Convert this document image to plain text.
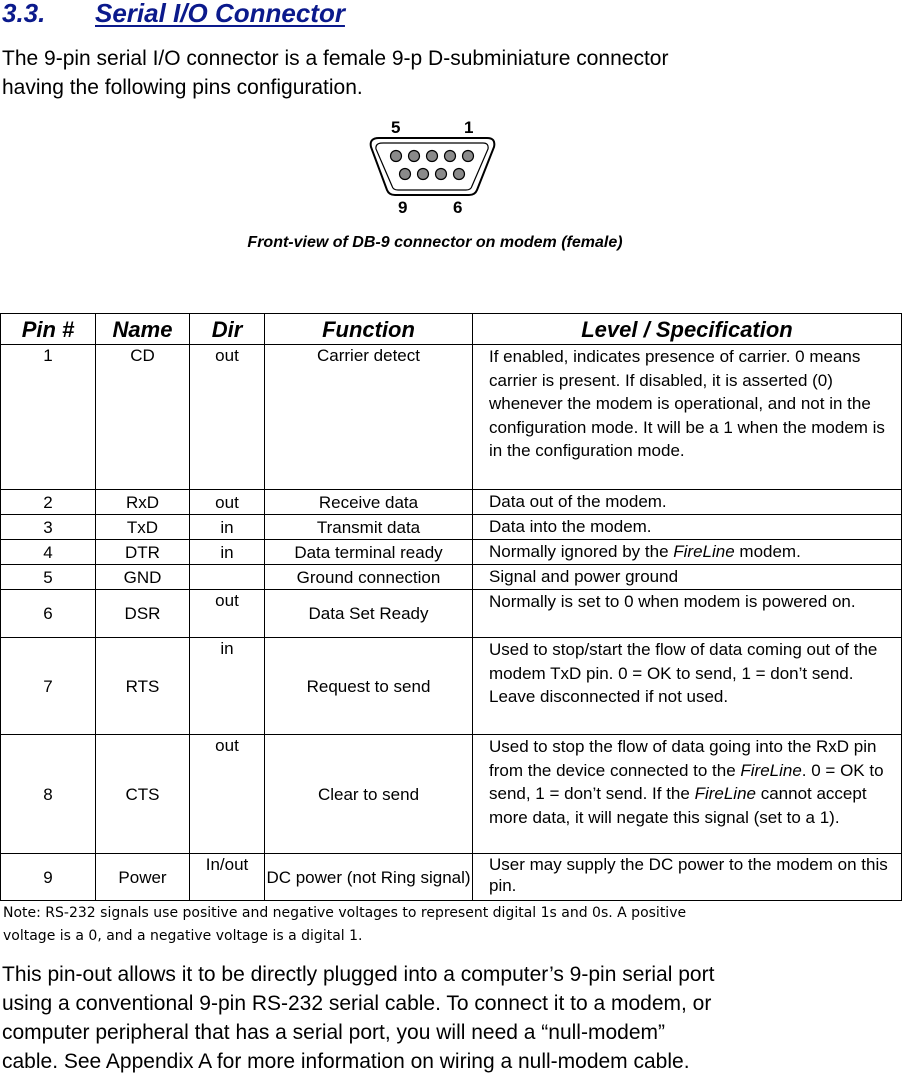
3.3. Serial I/O Connector

The 9-pin serial I/O connector is a female 9-p D-subminiature connector
having the following pins configuration.

5	1
9	6
Front-view of DB-9 connector on modem (female)
Pin #	Name	Dir	Function	Level / Specification
1	CD	out	Carrier detect	If enabled, indicates presence of carrier. 0 means carrier is present. If disabled, it is asserted (0) whenever the modem is operational, and not in the configuration mode. It will be a 1 when the modem is in the configuration mode.
2	RxD	out	Receive data	Data out of the modem.
3	TxD	in	Transmit data	Data into the modem.
4	DTR	in	Data terminal ready	Normally ignored by the FireLine modem.
5	GND		Ground connection	Signal and power ground
6	DSR	out	Data Set Ready	Normally is set to 0 when modem is powered on.
7	RTS	in	Request to send	Used to stop/start the flow of data coming out of the modem TxD pin. 0 = OK to send, 1 = don’t send. Leave disconnected if not used.
8	CTS	out	Clear to send	Used to stop the flow of data going into the RxD pin from the device connected to the FireLine. 0 = OK to send, 1 = don’t send. If the FireLine cannot accept more data, it will negate this signal (set to a 1).
9	Power	In/out	DC power (not Ring signal)	User may supply the DC power to the modem on this pin.

Note: RS-232 signals use positive and negative voltages to represent digital 1s and 0s. A positive
voltage is a 0, and a negative voltage is a digital 1.

This pin-out allows it to be directly plugged into a computer’s 9-pin serial port
using a conventional 9-pin RS-232 serial cable. To connect it to a modem, or
computer peripheral that has a serial port, you will need a “null-modem”
cable. See Appendix A for more information on wiring a null-modem cable.
